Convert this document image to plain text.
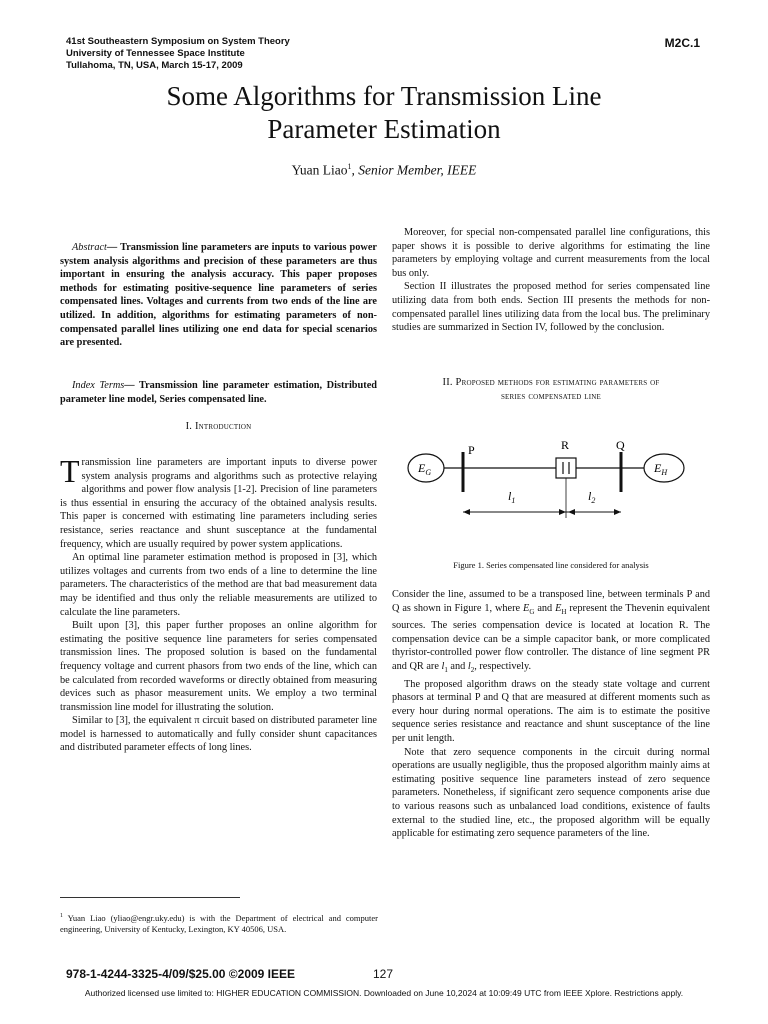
41st Southeastern Symposium on System Theory
University of Tennessee Space Institute
Tullahoma, TN, USA, March 15-17, 2009
M2C.1
Some Algorithms for Transmission Line
Parameter Estimation
Yuan Liao$^1$, Senior Member, IEEE

Abstract— Transmission line parameters are inputs to various power system analysis algorithms and precision of these parameters are thus important in ensuring the analysis accuracy. This paper proposes methods for estimating positive-sequence line parameters of series compensated lines. Voltages and currents from two ends of the line are utilized. In addition, algorithms for estimating parameters of non-compensated parallel lines utilizing one end data for special scenarios are presented.

Index Terms— Transmission line parameter estimation, Distributed parameter line model, Series compensated line.

I. Introduction

Transmission line parameters are important inputs to diverse power system analysis programs and algorithms such as protective relaying algorithms and power flow analysis [1-2]. Precision of line parameters is thus essential in ensuring the accuracy of the obtained analysis results. This paper is concerned with estimating line parameters including series resistance, series reactance and shunt susceptance at the fundamental frequency, which are usually required by power system applications.

An optimal line parameter estimation method is proposed in [3], which utilizes voltages and currents from two ends of a line to determine the line parameters. The characteristics of the method are that bad measurement data may be identified and thus only the reliable measurements are utilized to calculate the line parameters.

Built upon [3], this paper further proposes an online algorithm for estimating the positive sequence line parameters for series compensated transmission lines. The proposed solution is based on the fundamental frequency voltage and current phasors from two ends of the line, which can be calculated from recorded waveforms or directly obtained from measuring devices such as phasor measurement units. We employ a two terminal transmission line model for illustrating the solution.

Similar to [3], the equivalent π circuit based on distributed parameter line model is harnessed to automatically and fully consider shunt capacitances and distributed parameter effects of long lines.

$^1$ Yuan Liao (yliao@engr.uky.edu) is with the Department of electrical and computer engineering, University of Kentucky, Lexington, KY 40506, USA.

Moreover, for special non-compensated parallel line configurations, this paper shows it is possible to derive algorithms for estimating the line parameters by employing voltage and current measurements from the local bus only.

Section II illustrates the proposed method for series compensated line utilizing data from both ends. Section III presents the methods for non-compensated parallel lines utilizing data from the local bus. The preliminary studies are summarized in Section IV, followed by the conclusion.

II. Proposed methods for estimating parameters of
series compensated line
$E_G$	$E_H$
P	Q
R
$l_1$	$l_2$
Figure 1. Series compensated line considered for analysis

Consider the line, assumed to be a transposed line, between terminals P and Q as shown in Figure 1, where $E_G$ and $E_H$ represent the Thevenin equivalent sources. The series compensation device is located at location R. The compensation device can be a simple capacitor bank, or more complicated thyristor-controlled power flow controller. The distance of line segment PR and QR are $l_1$ and $l_2$, respectively.

The proposed algorithm draws on the steady state voltage and current phasors at terminal P and Q that are measured at different moments such as every hour during normal operations. The aim is to estimate the positive sequence series resistance and reactance and shunt susceptance of the line per unit length.

Note that zero sequence components in the circuit during normal operations are usually negligible, thus the proposed algorithm mainly aims at estimating positive sequence line parameters instead of zero sequence parameters. Nonetheless, if significant zero sequence components arise due to various reasons such as unbalanced load conditions, existence of faults external to the studied line, etc., the proposed algorithm will be equally applicable for estimating zero sequence parameters of the line.

978-1-4244-3325-4/09/$25.00 ©2009 IEEE	127
Authorized licensed use limited to: HIGHER EDUCATION COMMISSION. Downloaded on June 10,2024 at 10:09:49 UTC from IEEE Xplore. Restrictions apply.
